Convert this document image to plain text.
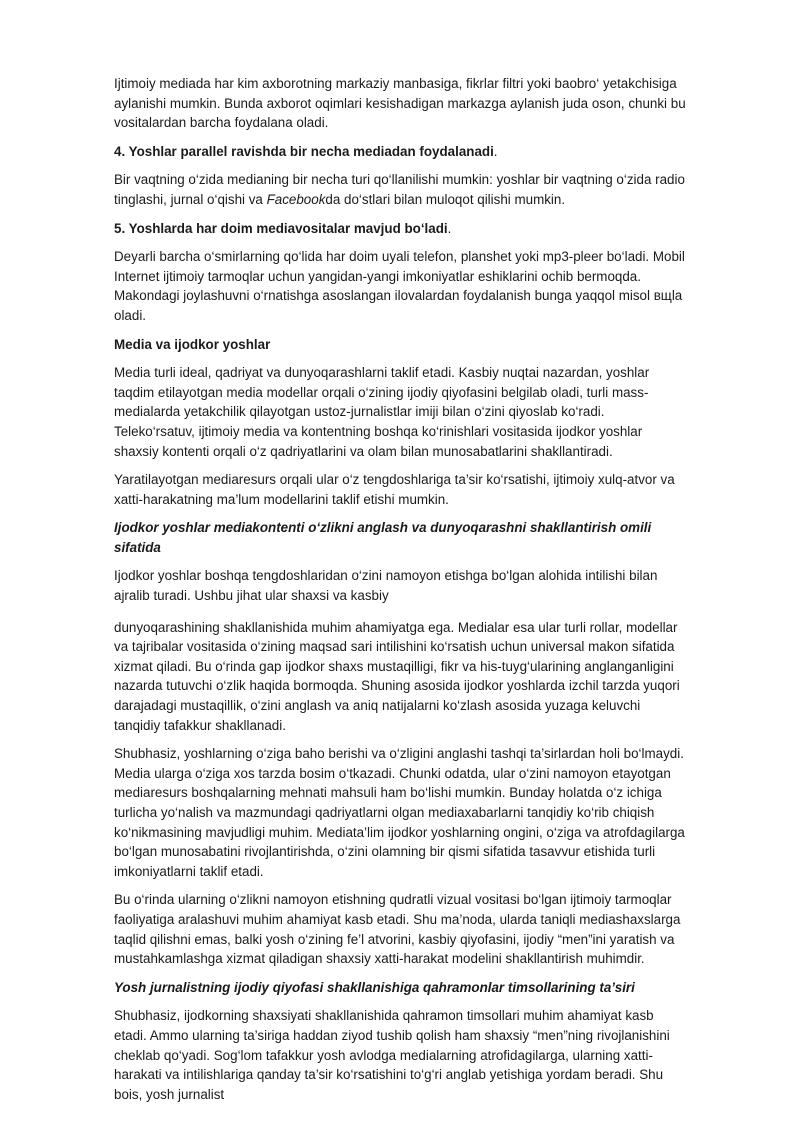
Ijtimoiy mediada har kim axborotning markaziy manbasiga, fikrlar filtri yoki baobro‘ yetakchisiga aylanishi mumkin. Bunda axborot oqimlari kesishadigan markazga aylanish juda oson, chunki bu vositalardan barcha foydalana oladi.

4. Yoshlar parallel ravishda bir necha mediadan foydalanadi.

Bir vaqtning o‘zida medianing bir necha turi qo‘llanilishi mumkin: yoshlar bir vaqtning o‘zida radio tinglashi, jurnal o‘qishi va Facebookda do‘stlari bilan muloqot qilishi mumkin.

5. Yoshlarda har doim mediavositalar mavjud bo‘ladi.

Deyarli barcha o‘smirlarning qo‘lida har doim uyali telefon, planshet yoki mp3-pleer bo‘ladi. Mobil Internet ijtimoiy tarmoqlar uchun yangidan-yangi imkoniyatlar eshiklarini ochib bermoqda. Makondagi joylashuvni o‘rnatishga asoslangan ilovalardan foydalanish bunga yaqqol misol вщla oladi.

Media va ijodkor yoshlar

Media turli ideal, qadriyat va dunyoqarashlarni taklif etadi. Kasbiy nuqtai nazardan, yoshlar taqdim etilayotgan media modellar orqali o‘zining ijodiy qiyofasini belgilab oladi, turli mass-medialarda yetakchilik qilayotgan ustoz-jurnalistlar imiji bilan o‘zini qiyoslab ko‘radi. Teleko‘rsatuv, ijtimoiy media va kontentning boshqa ko‘rinishlari vositasida ijodkor yoshlar shaxsiy kontenti orqali o‘z qadriyatlarini va olam bilan munosabatlarini shakllantiradi.

Yaratilayotgan mediaresurs orqali ular o‘z tengdoshlariga ta’sir ko‘rsatishi, ijtimoiy xulq-atvor va xatti-harakatning ma’lum modellarini taklif etishi mumkin.

Ijodkor yoshlar mediakontenti o‘zlikni anglash va dunyoqarashni shakllantirish omili sifatida

Ijodkor yoshlar boshqa tengdoshlaridan o‘zini namoyon etishga bo‘lgan alohida intilishi bilan ajralib turadi. Ushbu jihat ular shaxsi va kasbiy

dunyoqarashining shakllanishida muhim ahamiyatga ega. Medialar esa ular turli rollar, modellar va tajribalar vositasida o‘zining maqsad sari intilishini ko‘rsatish uchun universal makon sifatida xizmat qiladi. Bu o‘rinda gap ijodkor shaxs mustaqilligi, fikr va his-tuyg‘ularining anglanganligini nazarda tutuvchi o‘zlik haqida bormoqda. Shuning asosida ijodkor yoshlarda izchil tarzda yuqori darajadagi mustaqillik, o‘zini anglash va aniq natijalarni ko‘zlash asosida yuzaga keluvchi tanqidiy tafakkur shakllanadi.

Shubhasiz, yoshlarning o‘ziga baho berishi va o‘zligini anglashi tashqi ta’sirlardan holi bo‘lmaydi. Media ularga o‘ziga xos tarzda bosim o‘tkazadi. Chunki odatda, ular o‘zini namoyon etayotgan mediaresurs boshqalarning mehnati mahsuli ham bo‘lishi mumkin. Bunday holatda o‘z ichiga turlicha yo‘nalish va mazmundagi qadriyatlarni olgan mediaxabarlarni tanqidiy ko‘rib chiqish ko‘nikmasining mavjudligi muhim. Mediata’lim ijodkor yoshlarning ongini, o‘ziga va atrofdagilarga bo‘lgan munosabatini rivojlantirishda, o‘zini olamning bir qismi sifatida tasavvur etishida turli imkoniyatlarni taklif etadi.

Bu o‘rinda ularning o‘zlikni namoyon etishning qudratli vizual vositasi bo‘lgan ijtimoiy tarmoqlar faoliyatiga aralashuvi muhim ahamiyat kasb etadi. Shu ma’noda, ularda taniqli mediashaxslarga taqlid qilishni emas, balki yosh o‘zining fe’l atvorini, kasbiy qiyofasini, ijodiy “men”ini yaratish va mustahkamlashga xizmat qiladigan shaxsiy xatti-harakat modelini shakllantirish muhimdir.

Yosh jurnalistning ijodiy qiyofasi shakllanishiga qahramonlar timsollarining ta’siri

Shubhasiz, ijodkorning shaxsiyati shakllanishida qahramon timsollari muhim ahamiyat kasb etadi. Ammo ularning ta’siriga haddan ziyod tushib qolish ham shaxsiy “men”ning rivojlanishini cheklab qo‘yadi. Sog‘lom tafakkur yosh avlodga medialarning atrofidagilarga, ularning xatti-harakati va intilishlariga qanday ta’sir ko‘rsatishini to‘g‘ri anglab yetishiga yordam beradi. Shu bois, yosh jurnalist
